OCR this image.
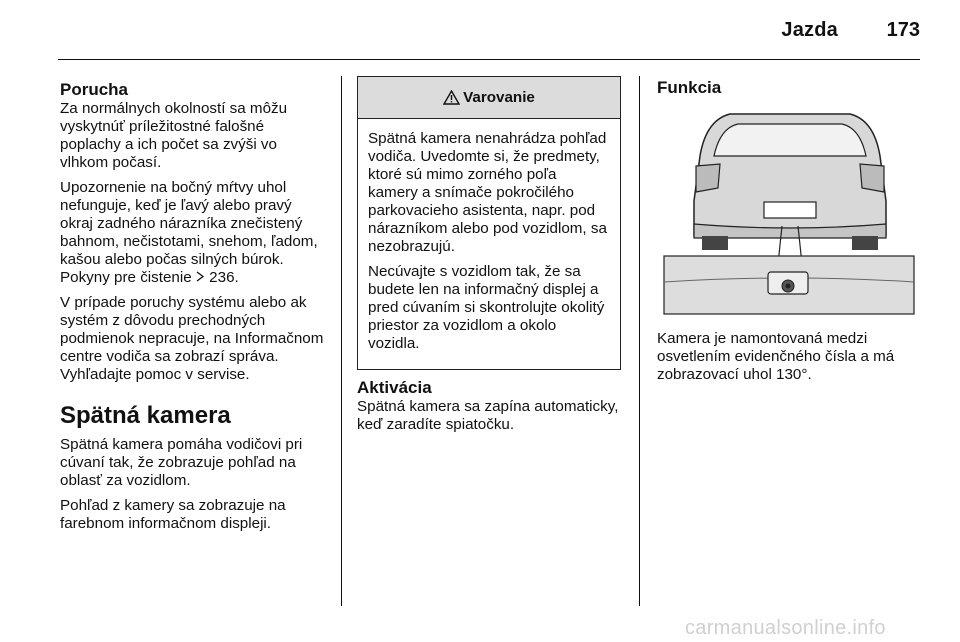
Jazda 173
Porucha

Za normálnych okolností sa môžu vyskytnúť príležitostné falošné poplachy a ich počet sa zvýši vo vlhkom počasí.

Upozornenie na bočný mŕtvy uhol nefunguje, keď je ľavý alebo pravý okraj zadného nárazníka znečistený bahnom, nečistotami, snehom, ľadom, kašou alebo počas silných búrok. Pokyny pre čistenie 236.

V prípade poruchy systému alebo ak systém z dôvodu prechodných podmienok nepracuje, na Informačnom centre vodiča sa zobrazí správa. Vyhľadajte pomoc v servise.

Spätná kamera

Spätná kamera pomáha vodičovi pri cúvaní tak, že zobrazuje pohľad na oblasť za vozidlom.

Pohľad z kamery sa zobrazuje na farebnom informačnom displeji.

Varovanie

Spätná kamera nenahrádza pohľad vodiča. Uvedomte si, že predmety, ktoré sú mimo zorného poľa kamery a snímače pokročilého parkovacieho asistenta, napr. pod nárazníkom alebo pod vozidlom, sa nezobrazujú.

Necúvajte s vozidlom tak, že sa budete len na informačný displej a pred cúvaním si skontrolujte okolitý priestor za vozidlom a okolo vozidla.

Aktivácia

Spätná kamera sa zapína automaticky, keď zaradíte spiatočku.

Funkcia

Kamera je namontovaná medzi osvetlením evidenčného čísla a má zobrazovací uhol 130°.

carmanualsonline.info
